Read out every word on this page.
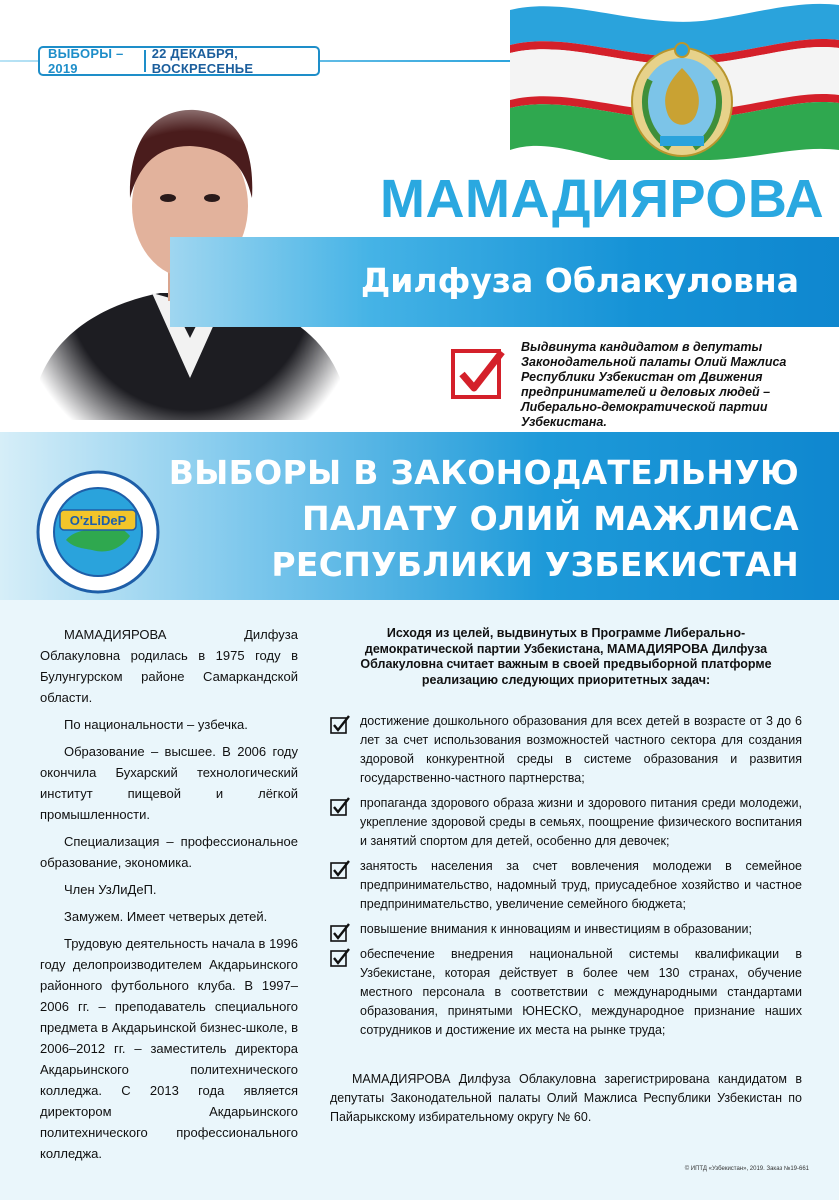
ВЫБОРЫ – 2019
22 ДЕКАБРЯ, ВОСКРЕСЕНЬЕ
Дилфуза Облакуловна
МАМАДИЯРОВА
Выдвинута кандидатом в депутаты Законодательной палаты Олий Мажлиса Республики Узбекистан от Движения предпринимателей и деловых людей – Либерально-демократической партии Узбекистана.
ВЫБОРЫ В ЗАКОНОДАТЕЛЬНУЮ
ПАЛАТУ ОЛИЙ МАЖЛИСА
РЕСПУБЛИКИ УЗБЕКИСТАН
O'zLiDeP

МАМАДИЯРОВА Дилфуза Облакуловна родилась в 1975 году в Булунгурском районе Самаркандской области.

По национальности – узбечка.

Образование – высшее. В 2006 году окончила Бухарский технологический институт пищевой и лёгкой промышленности.

Специализация – профессиональное образование, экономика.

Член УзЛиДеП.

Замужем. Имеет четверых детей.

Трудовую деятельность начала в 1996 году делопроизводителем Акдарьинского районного футбольного клуба. В 1997–2006 гг. – преподаватель специального предмета в Акдарьинской бизнес-школе, в 2006–2012 гг. – заместитель директора Акдарьинского политехнического колледжа. С 2013 года является директором Акдарьинского политехнического профессионального колледжа.

Исходя из целей, выдвинутых в Программе Либерально-демократической партии Узбекистана, МАМАДИЯРОВА Дилфуза Облакуловна считает важным в своей предвыборной платформе реализацию следующих приоритетных задач:
достижение дошкольного образования для всех детей в возрасте от 3 до 6 лет за счет использования возможностей частного сектора для создания здоровой конкурентной среды в системе образования и развития государственно-частного партнерства;
пропаганда здорового образа жизни и здорового питания среди молодежи, укрепление здоровой среды в семьях, поощрение физического воспитания и занятий спортом для детей, особенно для девочек;
занятость населения за счет вовлечения молодежи в семейное предпринимательство, надомный труд, приусадебное хозяйство и частное предпринимательство, увеличение семейного бюджета;
повышение внимания к инновациям и инвестициям в образовании;
обеспечение внедрения национальной системы квалификации в Узбекистане, которая действует в более чем 130 странах, обучение местного персонала в соответствии с международными стандартами образования, принятыми ЮНЕСКО, международное признание наших сотрудников и достижение их места на рынке труда;
МАМАДИЯРОВА Дилфуза Облакуловна зарегистрирована кандидатом в депутаты Законодательной палаты Олий Мажлиса Республики Узбекистан по Пайарыкскому избирательному округу № 60.
© ИПТД «Узбекистан», 2019. Заказ №19-661
